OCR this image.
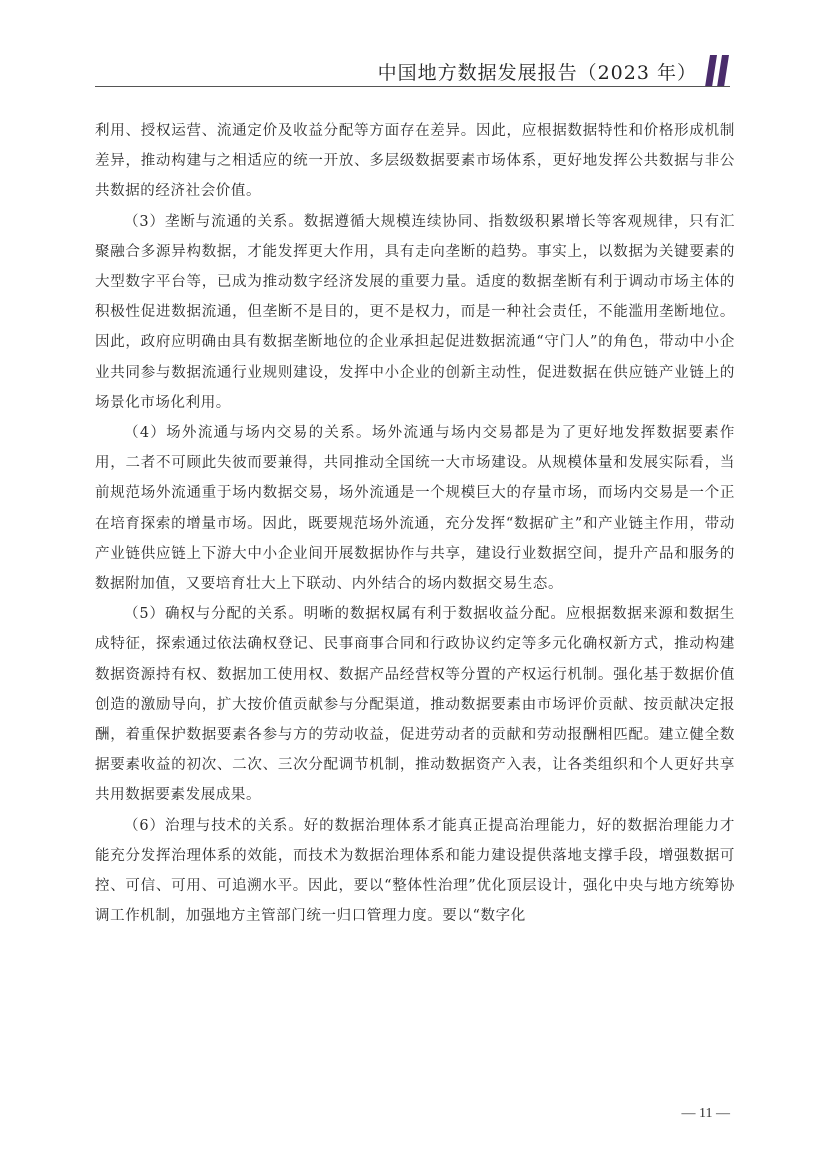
中国地方数据发展报告（2023 年）

利用、授权运营、流通定价及收益分配等方面存在差异。因此，应根据数据特性和价格形成机制差异，推动构建与之相适应的统一开放、多层级数据要素市场体系，更好地发挥公共数据与非公共数据的经济社会价值。

（3）垄断与流通的关系。数据遵循大规模连续协同、指数级积累增长等客观规律，只有汇聚融合多源异构数据，才能发挥更大作用，具有走向垄断的趋势。事实上，以数据为关键要素的大型数字平台等，已成为推动数字经济发展的重要力量。适度的数据垄断有利于调动市场主体的积极性促进数据流通，但垄断不是目的，更不是权力，而是一种社会责任，不能滥用垄断地位。因此，政府应明确由具有数据垄断地位的企业承担起促进数据流通“守门人”的角色，带动中小企业共同参与数据流通行业规则建设，发挥中小企业的创新主动性，促进数据在供应链产业链上的场景化市场化利用。

（4）场外流通与场内交易的关系。场外流通与场内交易都是为了更好地发挥数据要素作用，二者不可顾此失彼而要兼得，共同推动全国统一大市场建设。从规模体量和发展实际看，当前规范场外流通重于场内数据交易，场外流通是一个规模巨大的存量市场，而场内交易是一个正在培育探索的增量市场。因此，既要规范场外流通，充分发挥“数据矿主”和产业链主作用，带动产业链供应链上下游大中小企业间开展数据协作与共享，建设行业数据空间，提升产品和服务的数据附加值，又要培育壮大上下联动、内外结合的场内数据交易生态。

（5）确权与分配的关系。明晰的数据权属有利于数据收益分配。应根据数据来源和数据生成特征，探索通过依法确权登记、民事商事合同和行政协议约定等多元化确权新方式，推动构建数据资源持有权、数据加工使用权、数据产品经营权等分置的产权运行机制。强化基于数据价值创造的激励导向，扩大按价值贡献参与分配渠道，推动数据要素由市场评价贡献、按贡献决定报酬，着重保护数据要素各参与方的劳动收益，促进劳动者的贡献和劳动报酬相匹配。建立健全数据要素收益的初次、二次、三次分配调节机制，推动数据资产入表，让各类组织和个人更好共享共用数据要素发展成果。

（6）治理与技术的关系。好的数据治理体系才能真正提高治理能力，好的数据治理能力才能充分发挥治理体系的效能，而技术为数据治理体系和能力建设提供落地支撑手段，增强数据可控、可信、可用、可追溯水平。因此，要以“整体性治理”优化顶层设计，强化中央与地方统筹协调工作机制，加强地方主管部门统一归口管理力度。要以“数字化

— 11 —
